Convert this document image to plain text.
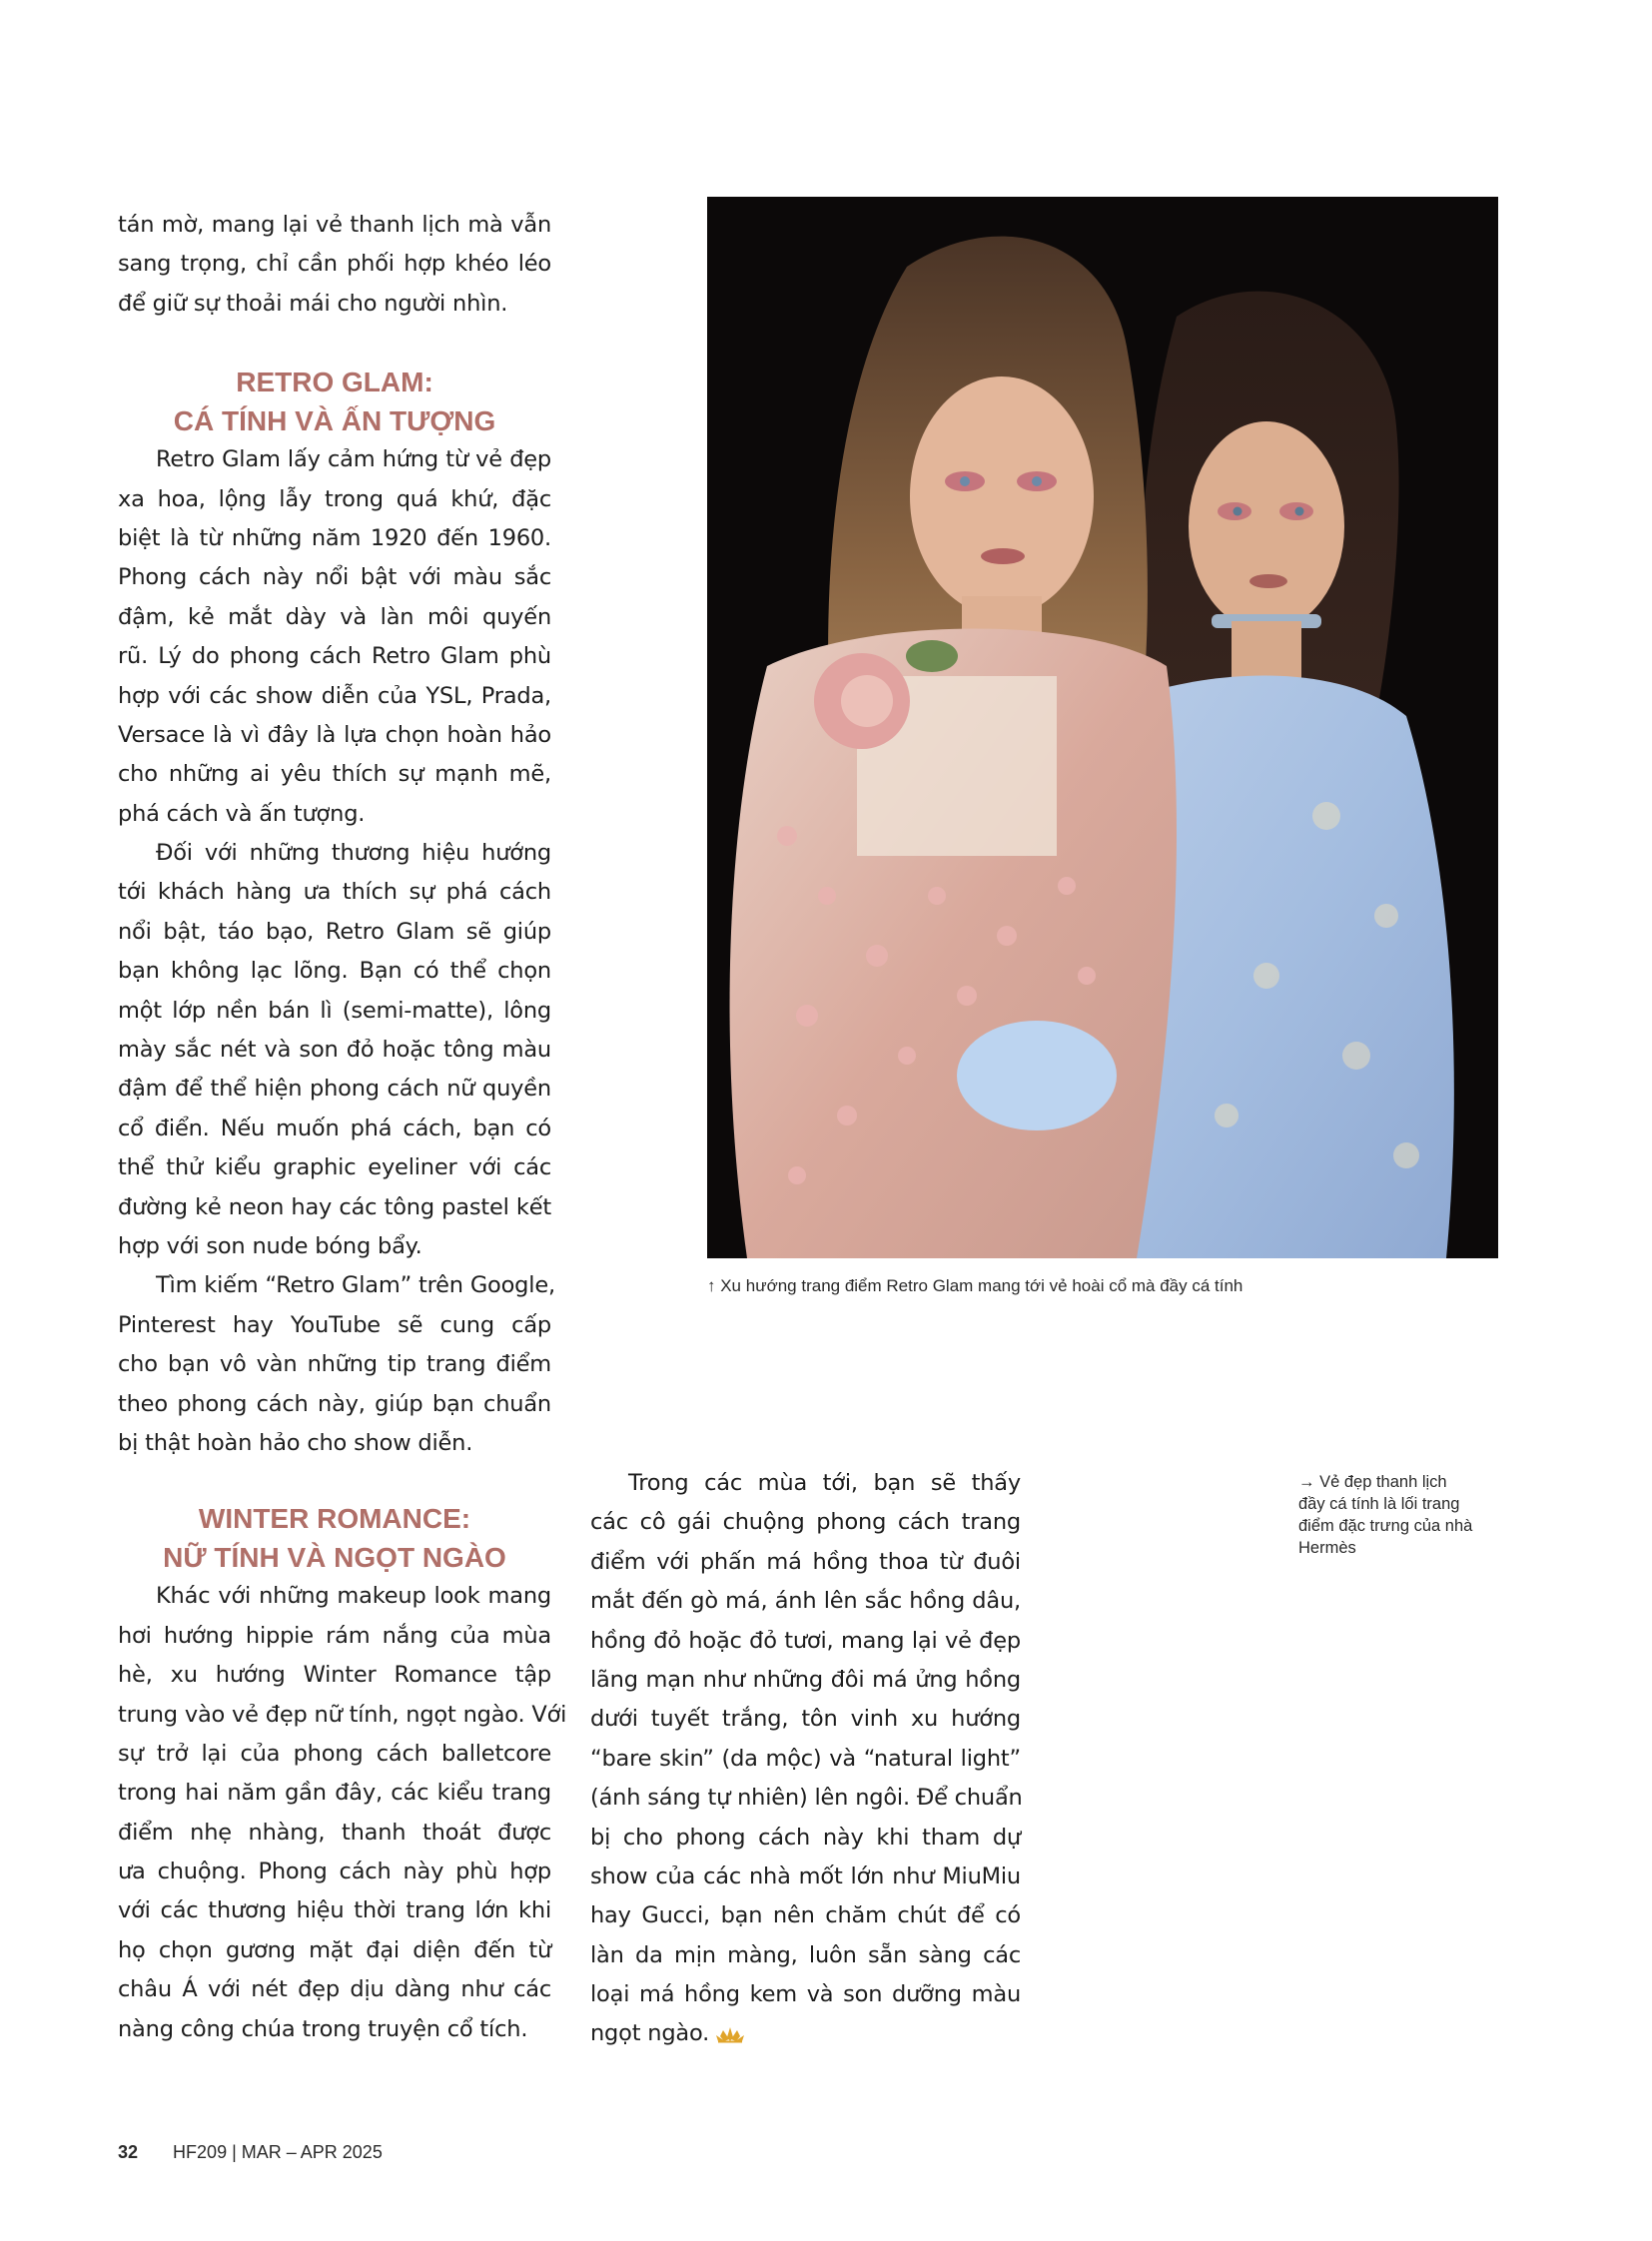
tán mờ, mang lại vẻ thanh lịch mà vẫn
sang trọng, chỉ cần phối hợp khéo léo
để giữ sự thoải mái cho người nhìn.
RETRO GLAM:
CÁ TÍNH VÀ ẤN TƯỢNG
Retro Glam lấy cảm hứng từ vẻ đẹp
xa hoa, lộng lẫy trong quá khứ, đặc
biệt là từ những năm 1920 đến 1960.
Phong cách này nổi bật với màu sắc
đậm, kẻ mắt dày và làn môi quyến
rũ. Lý do phong cách Retro Glam phù
hợp với các show diễn của YSL, Prada,
Versace là vì đây là lựa chọn hoàn hảo
cho những ai yêu thích sự mạnh mẽ,
phá cách và ấn tượng.
Đối với những thương hiệu hướng
tới khách hàng ưa thích sự phá cách
nổi bật, táo bạo, Retro Glam sẽ giúp
bạn không lạc lõng. Bạn có thể chọn
một lớp nền bán lì (semi-matte), lông
mày sắc nét và son đỏ hoặc tông màu
đậm để thể hiện phong cách nữ quyền
cổ điển. Nếu muốn phá cách, bạn có
thể thử kiểu graphic eyeliner với các
đường kẻ neon hay các tông pastel kết
hợp với son nude bóng bẩy.
Tìm kiếm “Retro Glam” trên Google,
Pinterest hay YouTube sẽ cung cấp
cho bạn vô vàn những tip trang điểm
theo phong cách này, giúp bạn chuẩn
bị thật hoàn hảo cho show diễn.
WINTER ROMANCE:
NỮ TÍNH VÀ NGỌT NGÀO
Khác với những makeup look mang
hơi hướng hippie rám nắng của mùa
hè, xu hướng Winter Romance tập
trung vào vẻ đẹp nữ tính, ngọt ngào. Với
sự trở lại của phong cách balletcore
trong hai năm gần đây, các kiểu trang
điểm nhẹ nhàng, thanh thoát được
ưa chuộng. Phong cách này phù hợp
với các thương hiệu thời trang lớn khi
họ chọn gương mặt đại diện đến từ
châu Á với nét đẹp dịu dàng như các
nàng công chúa trong truyện cổ tích.
↑ Xu hướng trang điểm Retro Glam mang tới vẻ hoài cổ mà đầy cá tính
Trong các mùa tới, bạn sẽ thấy
các cô gái chuộng phong cách trang
điểm với phấn má hồng thoa từ đuôi
mắt đến gò má, ánh lên sắc hồng dâu,
hồng đỏ hoặc đỏ tươi, mang lại vẻ đẹp
lãng mạn như những đôi má ửng hồng
dưới tuyết trắng, tôn vinh xu hướng
“bare skin” (da mộc) và “natural light”
(ánh sáng tự nhiên) lên ngôi. Để chuẩn
bị cho phong cách này khi tham dự
show của các nhà mốt lớn như MiuMiu
hay Gucci, bạn nên chăm chút để có
làn da mịn màng, luôn sẵn sàng các
loại má hồng kem và son dưỡng màu
ngọt ngào.
→ Vẻ đẹp thanh lịch
đầy cá tính là lối trang
điểm đặc trưng của nhà
Hermès
32 HF209 | MAR – APR 2025
